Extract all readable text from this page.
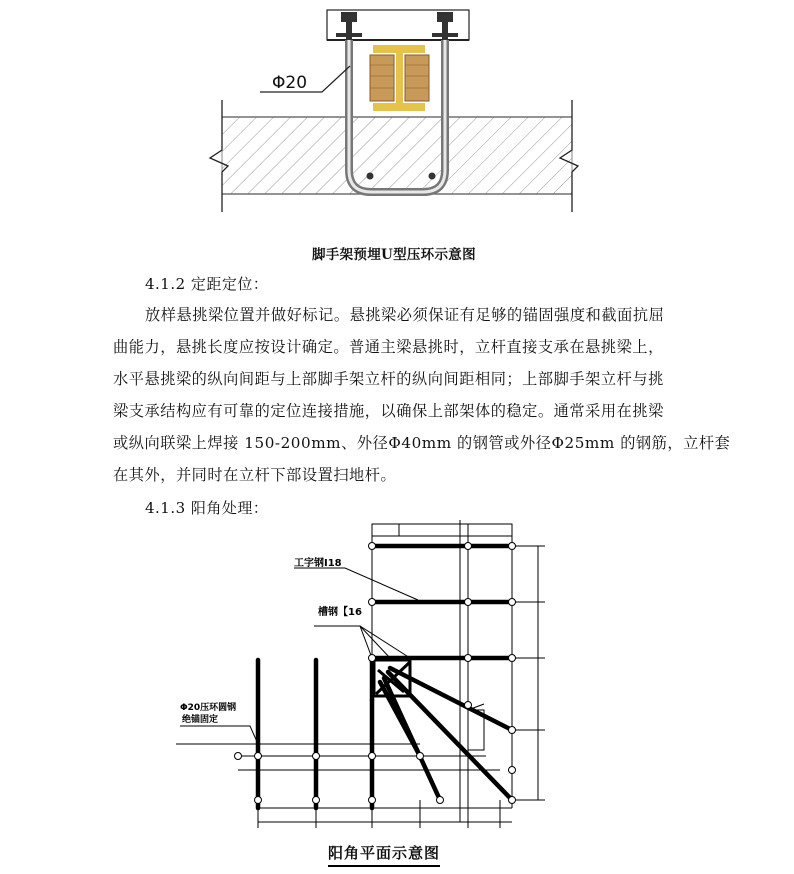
Φ20
脚手架预埋U型压环示意图
4.1.2 定距定位：
放样悬挑梁位置并做好标记。悬挑梁必须保证有足够的锚固强度和截面抗屈
曲能力，悬挑长度应按设计确定。普通主梁悬挑时，立杆直接支承在悬挑梁上，
水平悬挑梁的纵向间距与上部脚手架立杆的纵向间距相同；上部脚手架立杆与挑
梁支承结构应有可靠的定位连接措施，以确保上部架体的稳定。通常采用在挑梁
或纵向联梁上焊接 150-200mm、外径Φ40mm 的钢管或外径Φ25mm 的钢筋，立杆套
在其外，并同时在立杆下部设置扫地杆。
4.1.3 阳角处理：
工字钢I18
槽钢【16
Φ20压环圆钢
绝锚固定
阳角平面示意图
